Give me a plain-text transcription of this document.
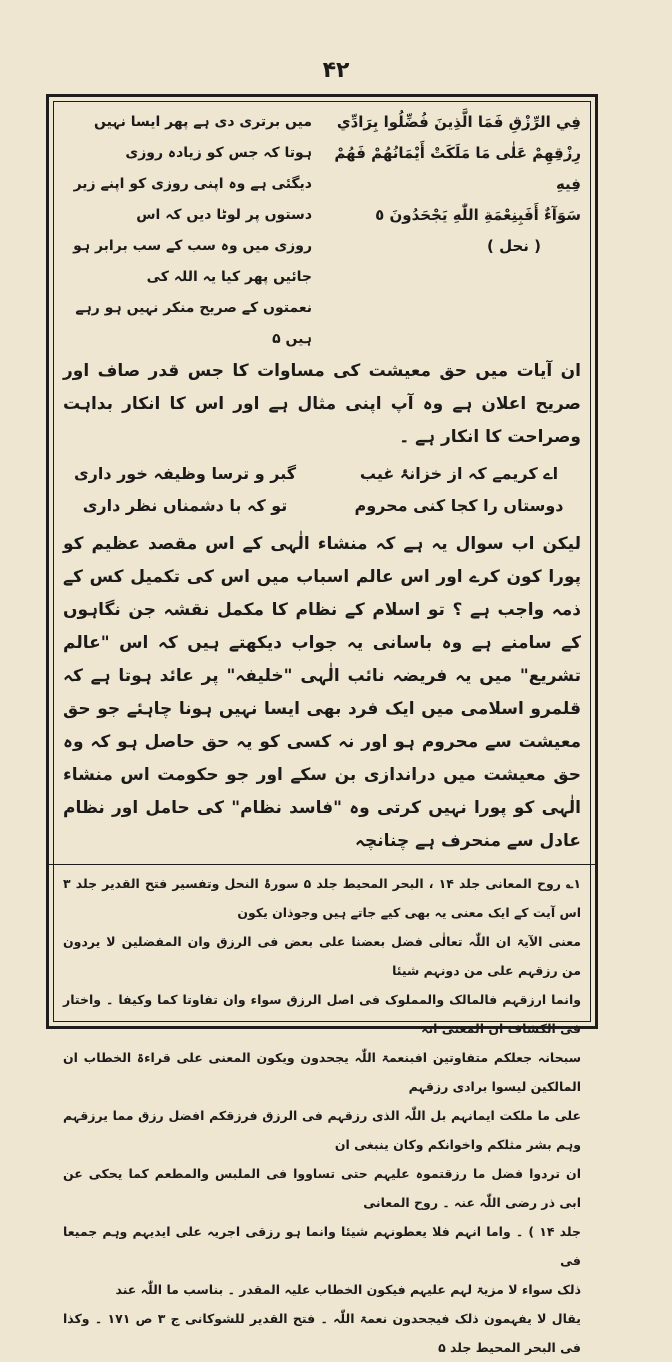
۴۲
فِي الرِّزْقِ فَمَا الَّذِينَ فُضِّلُوا بِرَادِّي
رِزْقِهِمْ عَلٰى مَا مَلَكَتْ أَيْمَانُهُمْ فَهُمْ فِيهِ
سَوَآءٌ أَفَبِنِعْمَةِ اللّٰهِ يَجْحَدُونَ ٥
( نحل )
میں برتری دی ہے پھر ایسا نہیں ہوتا کہ جس کو زیادہ روزی
دیگئی ہے وہ اپنی روزی کو اپنے زیر دستوں پر لوٹا دیں کہ اس
روزی میں وہ سب کے سب برابر ہو جائیں پھر کیا یہ اللہ کی
نعمتوں کے صریح منکر نہیں ہو رہے ہیں ۵

ان آیات میں حق معیشت کی مساوات کا جس قدر صاف اور صریح اعلان ہے وہ آپ اپنی مثال ہے اور اس کا انکار بداہت وصراحت کا انکار ہے ۔

اے کریمے کہ از خزانۂ غیب
گبر و ترسا وظیفہ خور داری
دوستاں را کجا کنی محروم
تو کہ با دشمناں نظر داری

لیکن اب سوال یہ ہے کہ منشاء الٰہی کے اس مقصد عظیم کو پورا کون کرے اور اس عالم اسباب میں اس کی تکمیل کس کے ذمہ واجب ہے ؟ تو اسلام کے نظام کا مکمل نقشہ جن نگاہوں کے سامنے ہے وہ باسانی یہ جواب دیکھتے ہیں کہ اس "عالم تشریع" میں یہ فریضہ نائب الٰہی "خلیفہ" پر عائد ہوتا ہے کہ قلمرو اسلامی میں ایک فرد بھی ایسا نہیں ہونا چاہئے جو حق معیشت سے محروم ہو اور نہ کسی کو یہ حق حاصل ہو کہ وہ حق معیشت میں دراندازی بن سکے اور جو حکومت اس منشاء الٰہی کو پورا نہیں کرتی وہ "فاسد نظام" کی حامل اور نظام عادل سے منحرف ہے چنانچہ

۱؎ روح المعانی جلد ۱۴ ، البحر المحیط جلد ۵ سورۂ النحل وتفسیر فتح القدیر جلد ۳ اس آیت کے ایک معنی یہ بھی کیے جاتے ہیں وجوذان یکون
معنی الآیۃ ان اللّٰہ تعالٰی فضل بعضنا علی بعض فی الرزق وان المفضلین لا یردون من رزقہم علی من دونہم شیئا
وانما ارزقہم فالمالک والمملوک فی اصل الرزق سواء وان تفاوتا کما وکیفا ۔ واختار فی الکشاف ان المعنی انہ
سبحانہ جعلکم متفاوتین افبنعمۃ اللّٰہ یجحدون ویکون المعنی علی قراءۃ الخطاب ان المالکین لیسوا برادی رزقہم
علی ما ملکت ایمانہم بل اللّٰہ الذی رزقہم فی الرزق فرزقکم افضل رزق مما یرزقہم وہم بشر مثلکم واخوانکم وکان ینبغی ان
ان تردوا فضل ما رزقتموہ علیہم حتی تساووا فی الملبس والمطعم کما یحکی عن ابی ذر رضی اللّٰہ عنہ ۔ روح المعانی
جلد ۱۴ ) ۔ واما انہم فلا یعطونہم شیئا وانما ہو رزقی اجریہ علی ایدیہم وہم جمیعا فی
ذلک سواء لا مزیۃ لہم علیہم فیکون الخطاب علیہ المقدر ۔ بناسب ما اللّٰہ عند
یقال لا یفہمون ذلک فیجحدون نعمۃ اللّٰہ ۔ فتح القدیر للشوکانی ج ۳ ص ۱۷۱ ۔ وکذا فی البحر المحیط جلد ۵
